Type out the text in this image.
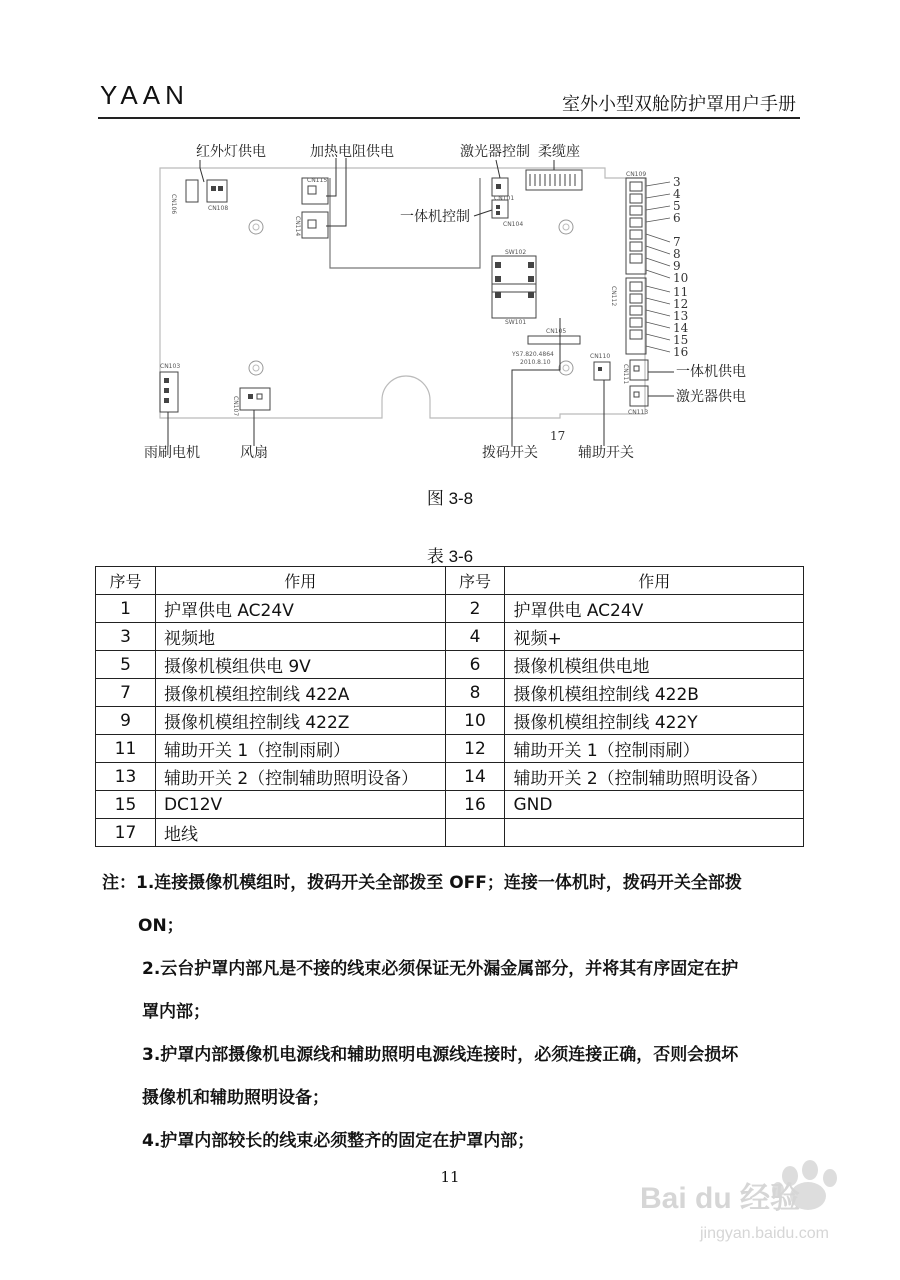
YAAN	室外小型双舱防护罩用户手册
CN106	CN108
CN115
CN114
CN101
CN104
SW102
SW101
CN105
YS7.820.4864
2010.8.10
CN109
CN112
3
4
5
6
7
8
9
10
11
12
13
14
15
16
17
CN110
CN111
CN113
CN103
CN107
红外灯供电	加热电阻供电	激光器控制 柔缆座
一体机控制
一体机供电
激光器供电
雨刷电机	风扇	拨码开关	辅助开关
图 3-8
表 3-6
序号	作用	序号	作用
1	护罩供电 AC24V	2	护罩供电 AC24V
3	视频地	4	视频+
5	摄像机模组供电 9V	6	摄像机模组供电地
7	摄像机模组控制线 422A	8	摄像机模组控制线 422B
9	摄像机模组控制线 422Z	10	摄像机模组控制线 422Y
11	辅助开关 1（控制雨刷）	12	辅助开关 1（控制雨刷）
13	辅助开关 2（控制辅助照明设备）	14	辅助开关 2（控制辅助照明设备）
15	DC12V	16	GND
17	地线		

注：1.连接摄像机模组时，拨码开关全部拨至 OFF；连接一体机时，拨码开关全部拨

ON；

2.云台护罩内部凡是不接的线束必须保证无外漏金属部分，并将其有序固定在护

罩内部；

3.护罩内部摄像机电源线和辅助照明电源线连接时，必须连接正确，否则会损坏

摄像机和辅助照明设备；

4.护罩内部较长的线束必须整齐的固定在护罩内部；

11
Bai du 经验
jingyan.baidu.com
